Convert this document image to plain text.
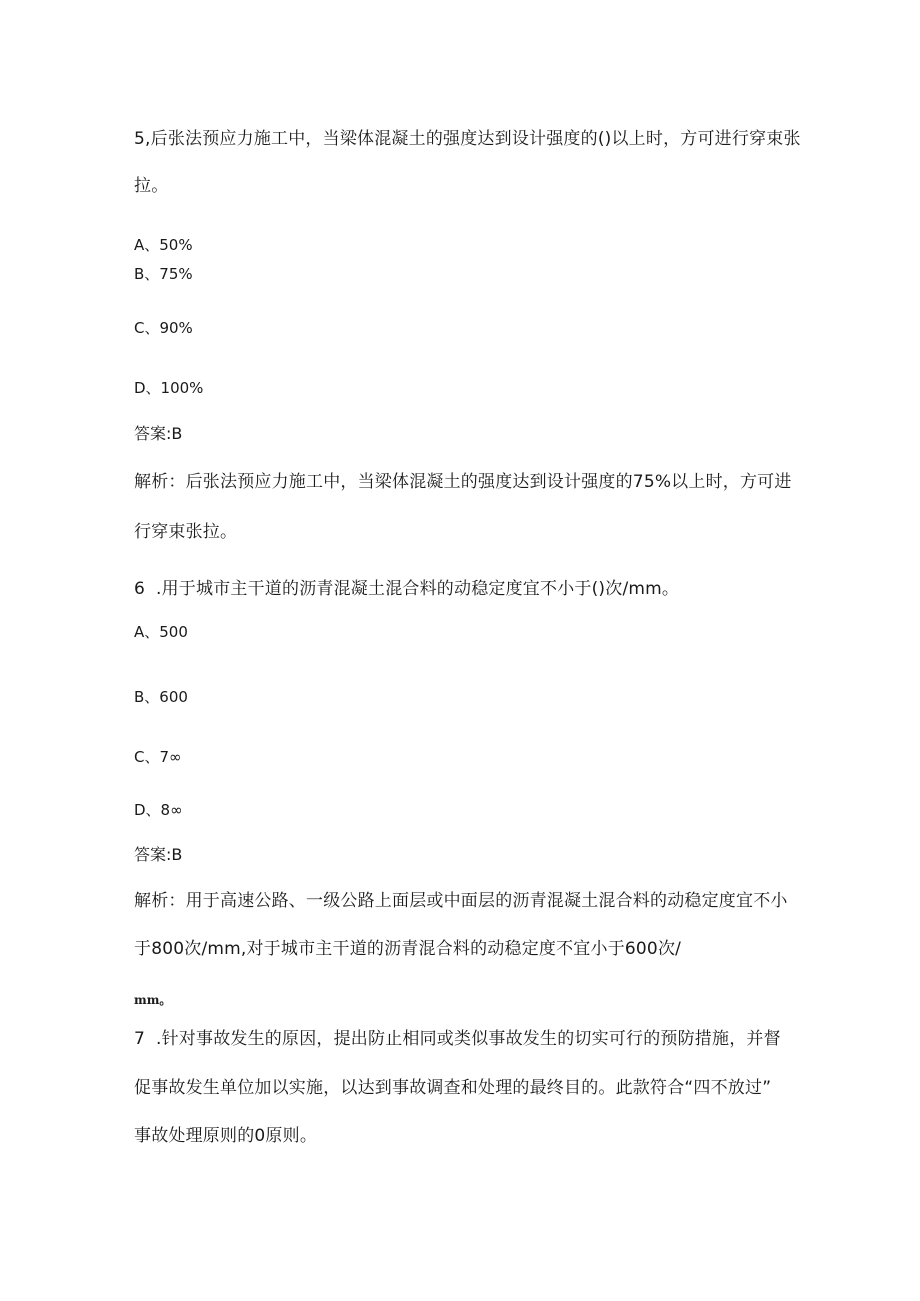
5,后张法预应力施工中，当梁体混凝土的强度达到设计强度的()以上时，方可进行穿束张
拉。
A、50%
B、75%
C、90%
D、100%
答案:B
解析：后张法预应力施工中，当梁体混凝土的强度达到设计强度的75%以上时，方可进
行穿束张拉。
6 .用于城市主干道的沥青混凝土混合料的动稳定度宜不小于()次/mm。
A、500
B、600
C、7∞
D、8∞
答案:B
解析：用于高速公路、一级公路上面层或中面层的沥青混凝土混合料的动稳定度宜不小
于800次/mm,对于城市主干道的沥青混合料的动稳定度不宜小于600次/
mm。
7 .针对事故发生的原因，提出防止相同或类似事故发生的切实可行的预防措施，并督
促事故发生单位加以实施，以达到事故调查和处理的最终目的。此款符合“四不放过”
事故处理原则的0原则。
